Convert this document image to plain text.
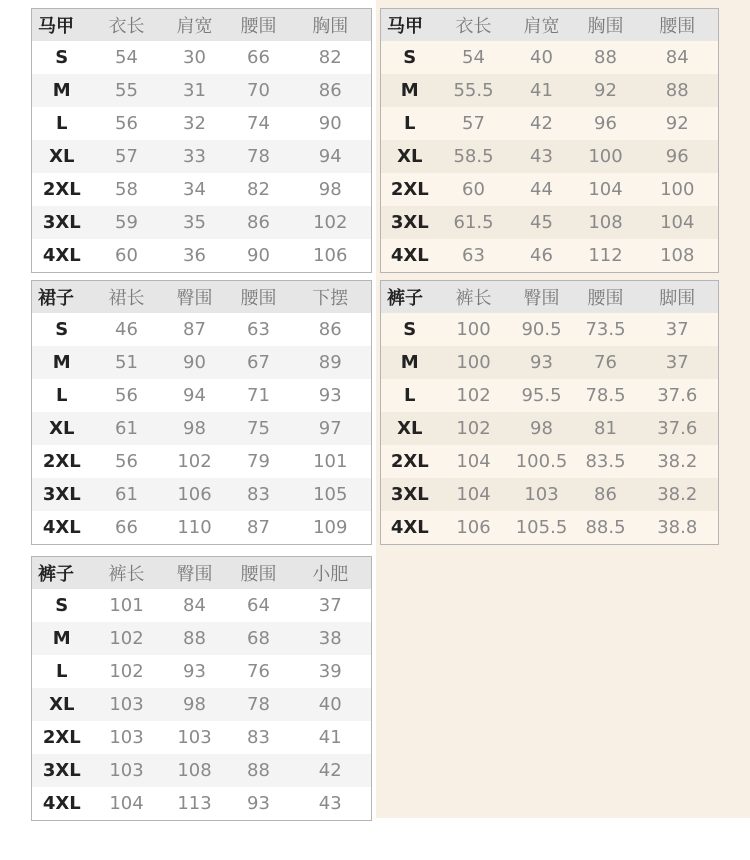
马甲	衣长	肩宽	腰围	胸围
S	54	30	66	82
M	55	31	70	86
L	56	32	74	90
XL	57	33	78	94
2XL	58	34	82	98
3XL	59	35	86	102
4XL	60	36	90	106
马甲	衣长	肩宽	胸围	腰围
S	54	40	88	84
M	55.5	41	92	88
L	57	42	96	92
XL	58.5	43	100	96
2XL	60	44	104	100
3XL	61.5	45	108	104
4XL	63	46	112	108
裙子	裙长	臀围	腰围	下摆
S	46	87	63	86
M	51	90	67	89
L	56	94	71	93
XL	61	98	75	97
2XL	56	102	79	101
3XL	61	106	83	105
4XL	66	110	87	109
裤子	裤长	臀围	腰围	脚围
S	100	90.5	73.5	37
M	100	93	76	37
L	102	95.5	78.5	37.6
XL	102	98	81	37.6
2XL	104	100.5	83.5	38.2
3XL	104	103	86	38.2
4XL	106	105.5	88.5	38.8
裤子	裤长	臀围	腰围	小肥
S	101	84	64	37
M	102	88	68	38
L	102	93	76	39
XL	103	98	78	40
2XL	103	103	83	41
3XL	103	108	88	42
4XL	104	113	93	43
